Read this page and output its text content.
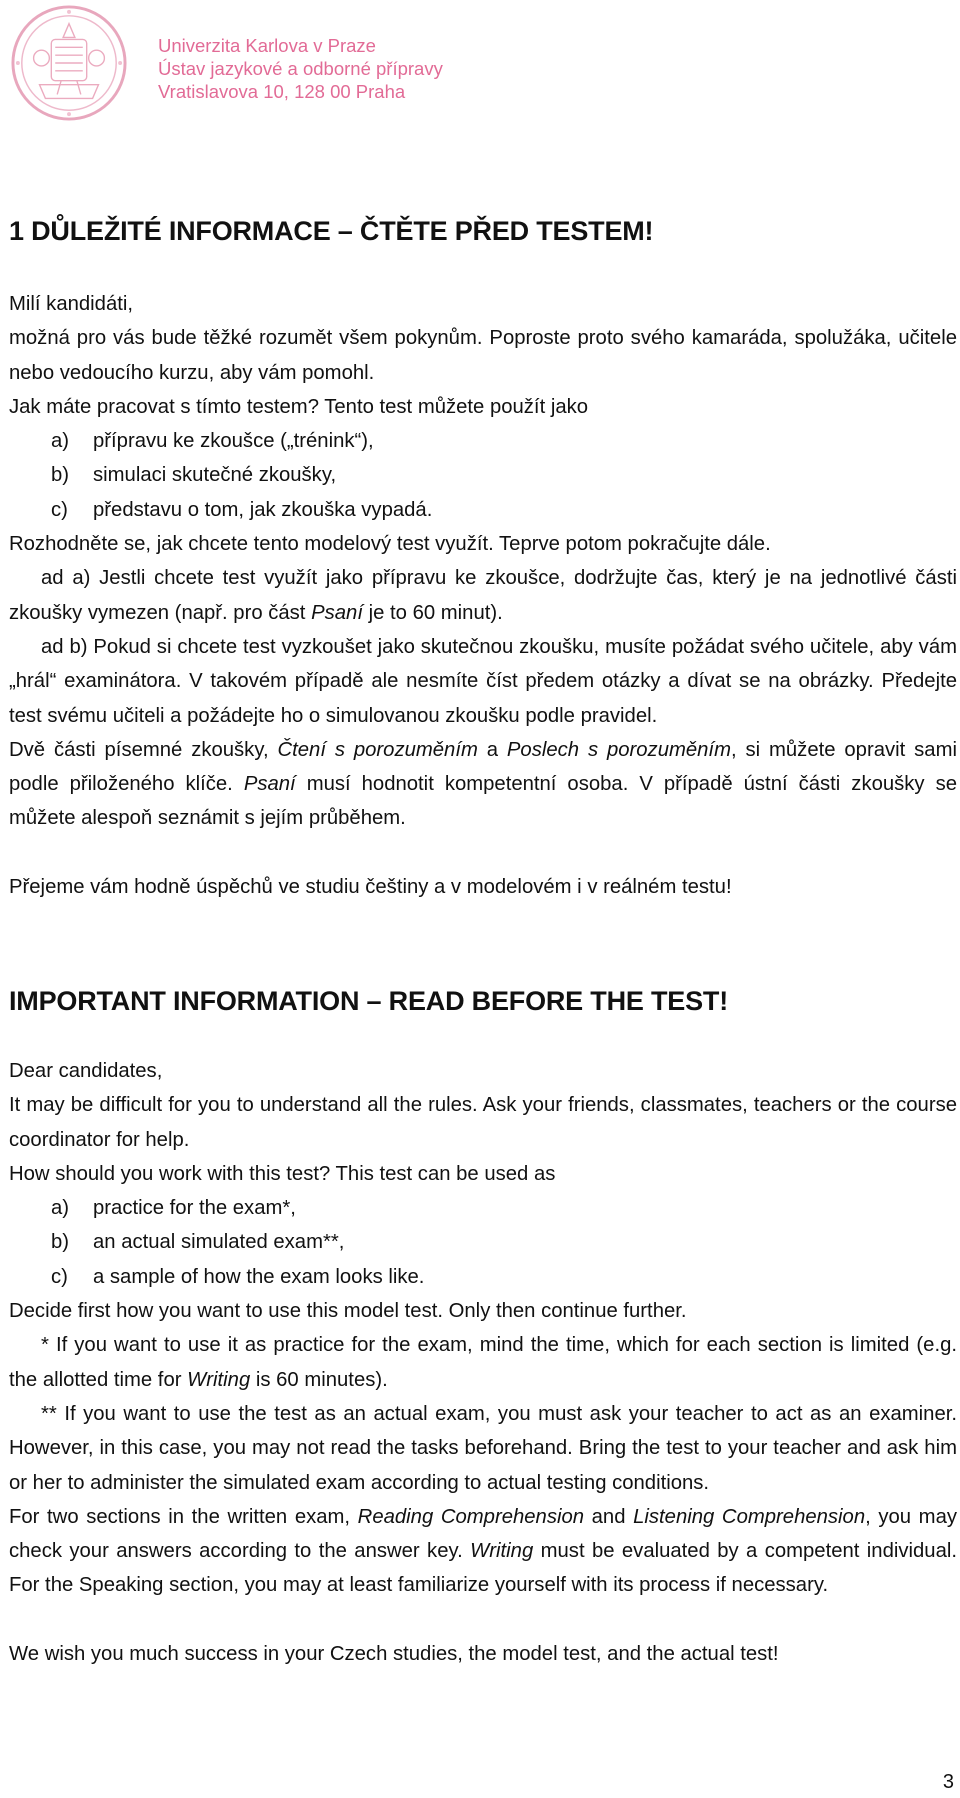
Univerzita Karlova v Praze
Ústav jazykové a odborné přípravy
Vratislavova 10, 128 00 Praha
1 DŮLEŽITÉ INFORMACE – ČTĚTE PŘED TESTEM!

Milí kandidáti,

možná pro vás bude těžké rozumět všem pokynům. Poproste proto svého kamaráda, spolužáka, učitele nebo vedoucího kurzu, aby vám pomohl.

Jak máte pracovat s tímto testem? Tento test můžete použít jako

a)	přípravu ke zkoušce („trénink“),
b)	simulaci skutečné zkoušky,
c)	představu o tom, jak zkouška vypadá.

Rozhodněte se, jak chcete tento modelový test využít. Teprve potom pokračujte dále.

ad a) Jestli chcete test využít jako přípravu ke zkoušce, dodržujte čas, který je na jednotlivé části zkoušky vymezen (např. pro část Psaní je to 60 minut).

ad b) Pokud si chcete test vyzkoušet jako skutečnou zkoušku, musíte požádat svého učitele, aby vám „hrál“ examinátora. V takovém případě ale nesmíte číst předem otázky a dívat se na obrázky. Předejte test svému učiteli a požádejte ho o simulovanou zkoušku podle pravidel.

Dvě části písemné zkoušky, Čtení s porozuměním a Poslech s porozuměním, si můžete opravit sami podle přiloženého klíče. Psaní musí hodnotit kompetentní osoba. V případě ústní části zkoušky se můžete alespoň seznámit s jejím průběhem.

Přejeme vám hodně úspěchů ve studiu češtiny a v modelovém i v reálném testu!

IMPORTANT INFORMATION – READ BEFORE THE TEST!

Dear candidates,

It may be difficult for you to understand all the rules. Ask your friends, classmates, teachers or the course coordinator for help.

How should you work with this test? This test can be used as

a)	practice for the exam*,
b)	an actual simulated exam**,
c)	a sample of how the exam looks like.

Decide first how you want to use this model test. Only then continue further.

* If you want to use it as practice for the exam, mind the time, which for each section is limited (e.g. the allotted time for Writing is 60 minutes).

** If you want to use the test as an actual exam, you must ask your teacher to act as an examiner. However, in this case, you may not read the tasks beforehand. Bring the test to your teacher and ask him or her to administer the simulated exam according to actual testing conditions.

For two sections in the written exam, Reading Comprehension and Listening Comprehension, you may check your answers according to the answer key. Writing must be evaluated by a competent individual. For the Speaking section, you may at least familiarize yourself with its process if necessary.

We wish you much success in your Czech studies, the model test, and the actual test!

3
